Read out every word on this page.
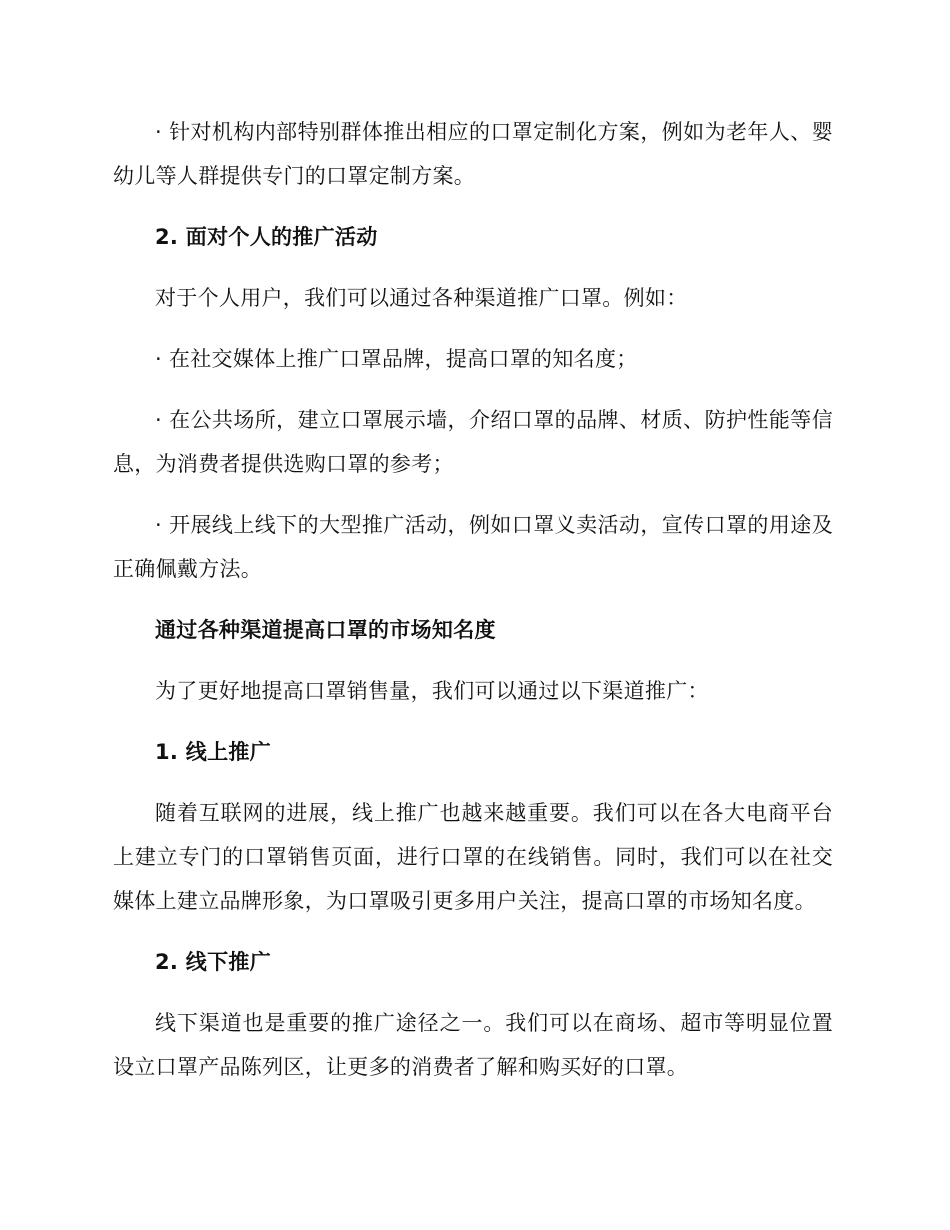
· 针对机构内部特别群体推出相应的口罩定制化方案，例如为老年人、婴幼儿等人群提供专门的口罩定制方案。

2. 面对个人的推广活动

对于个人用户，我们可以通过各种渠道推广口罩。例如：

· 在社交媒体上推广口罩品牌，提高口罩的知名度；

· 在公共场所，建立口罩展示墙，介绍口罩的品牌、材质、防护性能等信息，为消费者提供选购口罩的参考；

· 开展线上线下的大型推广活动，例如口罩义卖活动，宣传口罩的用途及正确佩戴方法。

通过各种渠道提高口罩的市场知名度

为了更好地提高口罩销售量，我们可以通过以下渠道推广：

1. 线上推广

随着互联网的进展，线上推广也越来越重要。我们可以在各大电商平台上建立专门的口罩销售页面，进行口罩的在线销售。同时，我们可以在社交媒体上建立品牌形象，为口罩吸引更多用户关注，提高口罩的市场知名度。

2. 线下推广

线下渠道也是重要的推广途径之一。我们可以在商场、超市等明显位置设立口罩产品陈列区，让更多的消费者了解和购买好的口罩。
